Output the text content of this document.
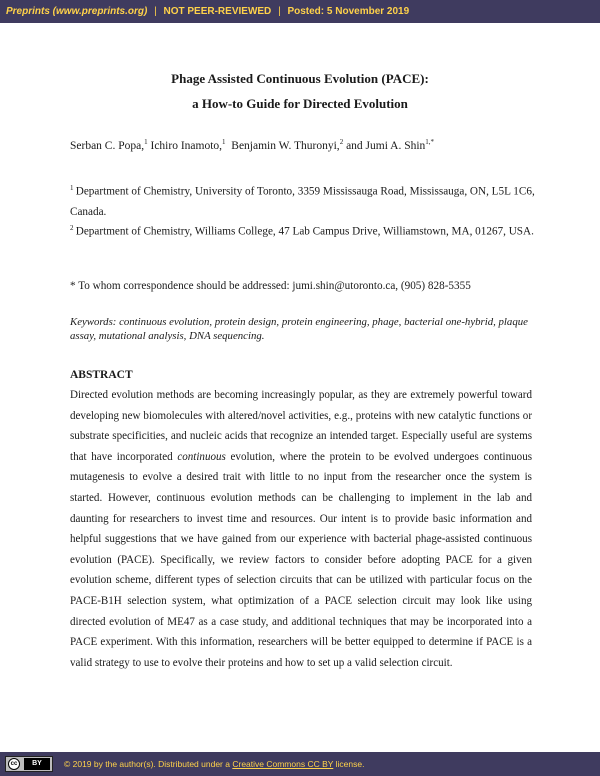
Preprints (www.preprints.org) | NOT PEER-REVIEWED | Posted: 5 November 2019
Phage Assisted Continuous Evolution (PACE):
a How-to Guide for Directed Evolution
Serban C. Popa,$^1$ Ichiro Inamoto,$^1$ Benjamin W. Thuronyi,$^2$ and Jumi A. Shin$^{1,*}$
$^1$  Department of Chemistry, University of Toronto, 3359 Mississauga Road, Mississauga, ON, L5L 1C6, Canada.
$^2$  Department of Chemistry, Williams College, 47 Lab Campus Drive, Williamstown, MA, 01267, USA.
* To whom correspondence should be addressed: jumi.shin@utoronto.ca, (905) 828-5355
Keywords: continuous evolution, protein design, protein engineering, phage, bacterial one-hybrid, plaque assay, mutational analysis, DNA sequencing.
ABSTRACT
Directed evolution methods are becoming increasingly popular, as they are extremely powerful toward developing new biomolecules with altered/novel activities, e.g., proteins with new catalytic functions or substrate specificities, and nucleic acids that recognize an intended target. Especially useful are systems that have incorporated continuous evolution, where the protein to be evolved undergoes continuous mutagenesis to evolve a desired trait with little to no input from the researcher once the system is started. However, continuous evolution methods can be challenging to implement in the lab and daunting for researchers to invest time and resources. Our intent is to provide basic information and helpful suggestions that we have gained from our experience with bacterial phage-assisted continuous evolution (PACE). Specifically, we review factors to consider before adopting PACE for a given evolution scheme, different types of selection circuits that can be utilized with particular focus on the PACE-B1H selection system, what optimization of a PACE selection circuit may look like using directed evolution of ME47 as a case study, and additional techniques that may be incorporated into a PACE experiment. With this information, researchers will be better equipped to determine if PACE is a valid strategy to use to evolve their proteins and how to set up a valid selection circuit.
cc	BY	© 2019 by the author(s). Distributed under a Creative Commons CC BY license.
